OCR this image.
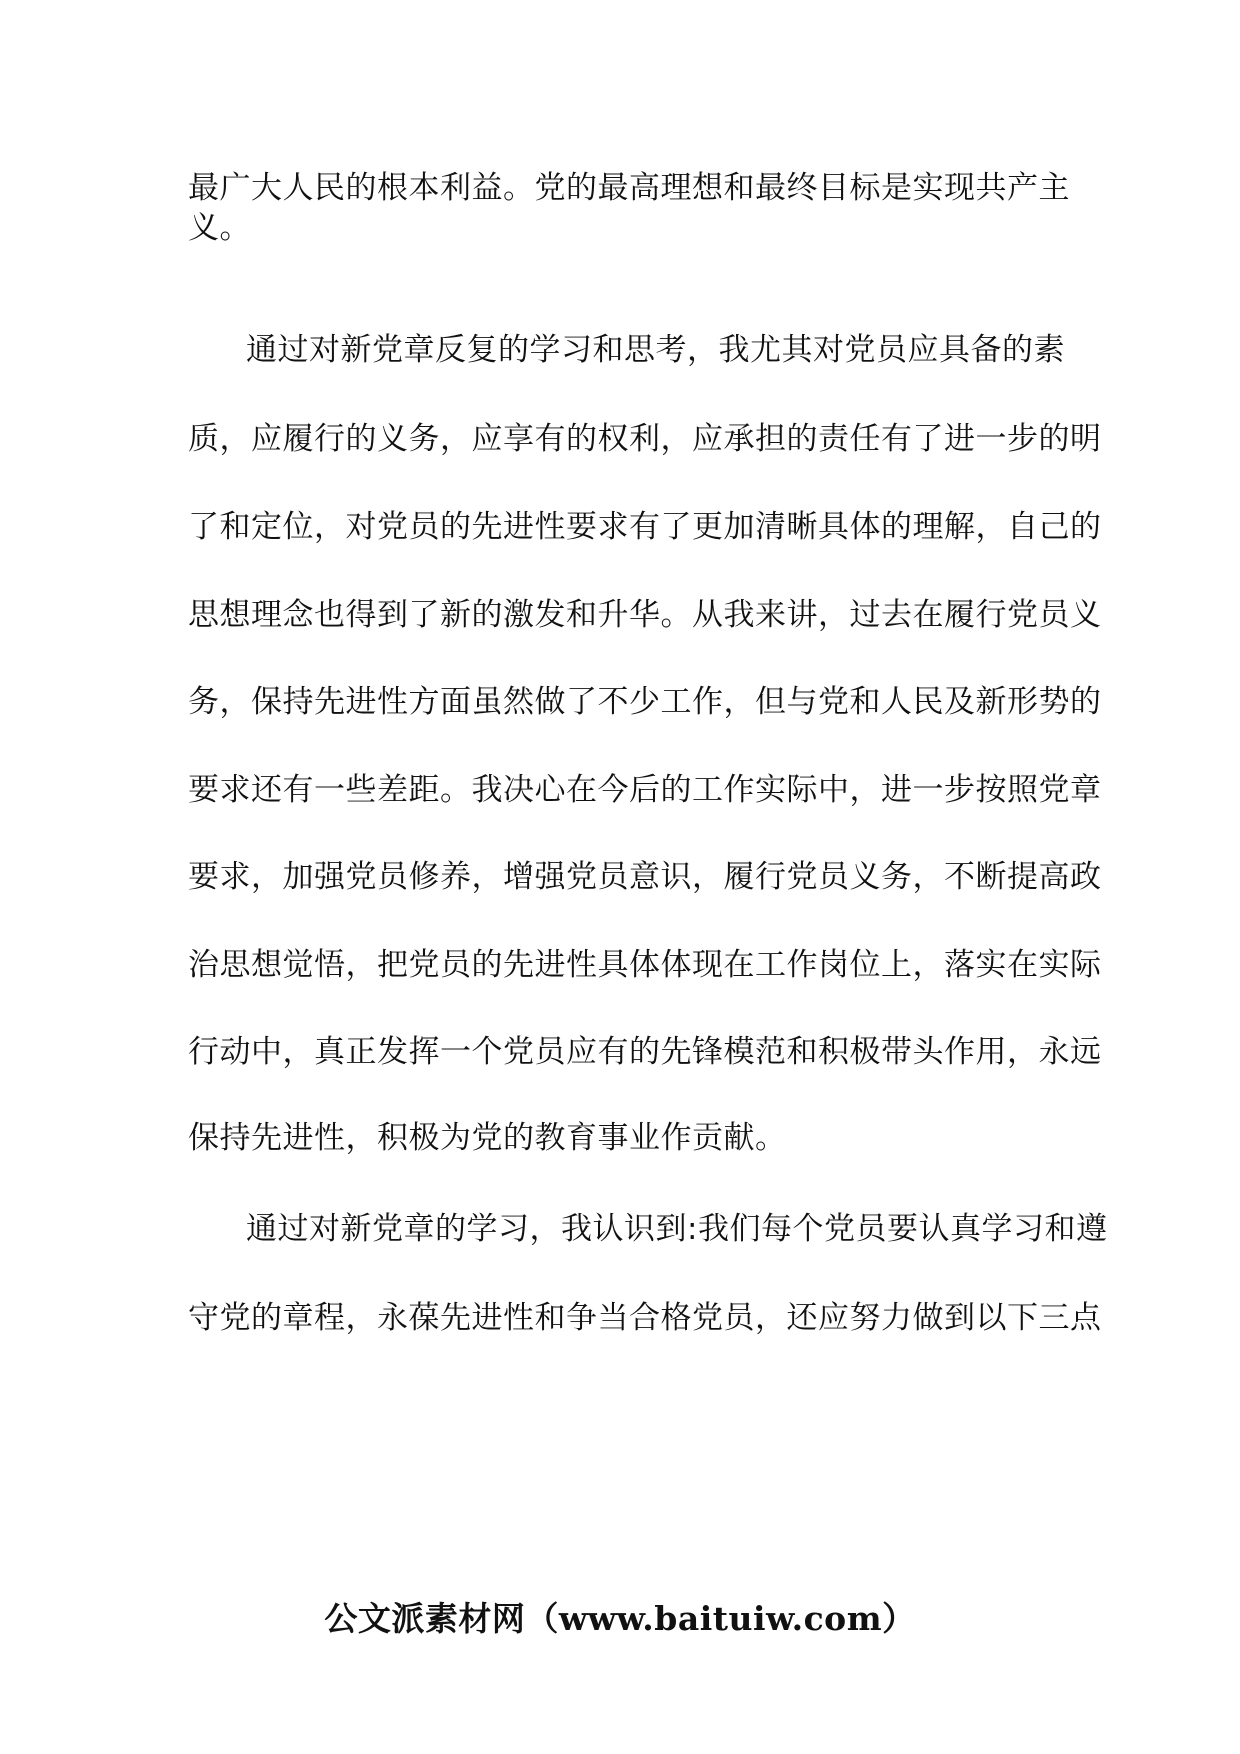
最广大人民的根本利益。党的最高理想和最终目标是实现共产主
义。
通过对新党章反复的学习和思考，我尤其对党员应具备的素
质，应履行的义务，应享有的权利，应承担的责任有了进一步的明
了和定位，对党员的先进性要求有了更加清晰具体的理解，自己的
思想理念也得到了新的激发和升华。从我来讲，过去在履行党员义
务，保持先进性方面虽然做了不少工作，但与党和人民及新形势的
要求还有一些差距。我决心在今后的工作实际中，进一步按照党章
要求，加强党员修养，增强党员意识，履行党员义务，不断提高政
治思想觉悟，把党员的先进性具体体现在工作岗位上，落实在实际
行动中，真正发挥一个党员应有的先锋模范和积极带头作用，永远
保持先进性，积极为党的教育事业作贡献。
通过对新党章的学习，我认识到:我们每个党员要认真学习和遵
守党的章程，永葆先进性和争当合格党员，还应努力做到以下三点
公文派素材网（www.baituiw.com）
